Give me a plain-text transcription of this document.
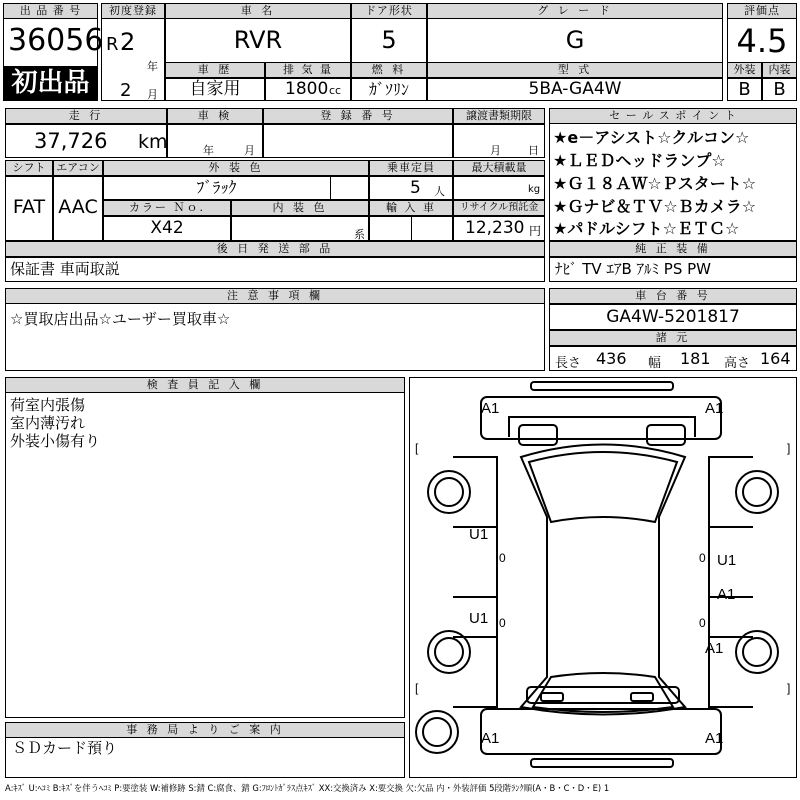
出 品 番 号
36056
初出品
初度登録
R 2
年
2 月
車 名
RVR
ドア形状
5
グ レ ー ド
G
評価点
4.5
外装	内装
B	B
車 歴
自家用
排 気 量
1800 cc
燃 料
ｶﾞｿﾘﾝ
型 式
5BA-GA4W
走 行
37,726 km
車 検
年	月
登 録 番 号	譲渡書類期限
月 日
セ ー ル ス ポ イ ン ト
★e－アシスト☆クルコン☆
★ＬＥＤヘッドランプ☆
★Ｇ１８ＡＷ☆Ｐスタート☆
★Ｇナビ＆ＴＶ☆Ｂカメラ☆
★パドルシフト☆ＥＴＣ☆
シフト エアコン
FAT AAC
外 装 色
ﾌﾞﾗｯｸ
乗車定員
5 人
最大積載量
kg
カラー Ｎｏ.
X42
内 装 色
系
輸 入 車	リサイクル預託金
12,230 円
後 日 発 送 部 品
保証書 車両取説
純 正 装 備
ﾅﾋﾞ TV ｴｱB ｱﾙﾐ PS PW
注 意 事 項 欄
☆買取店出品☆ユーザー買取車☆
車 台 番 号
GA4W-5201817
諸 元
長さ 436 幅 181 高さ 164
検 査 員 記 入 欄
荷室内張傷
室内薄汚れ
外装小傷有り
事 務 局 よ り ご 案 内
ＳＤカード預り
A1	A1
U1
U1
U1
A1
A1
A1	A1
0
0
0
0
[	]
[	]
A:ｷｽﾞ U:ﾍｺﾐ B:ｷｽﾞを伴うﾍｺﾐ P:要塗装 W:補修跡 S:錆 C:腐食、錆 G:ﾌﾛﾝﾄｶﾞﾗｽ点ｷｽﾞ XX:交換済み X:要交換 欠:欠品 内・外装評価 5段階ﾗﾝｸ順(A・B・C・D・E) 1
